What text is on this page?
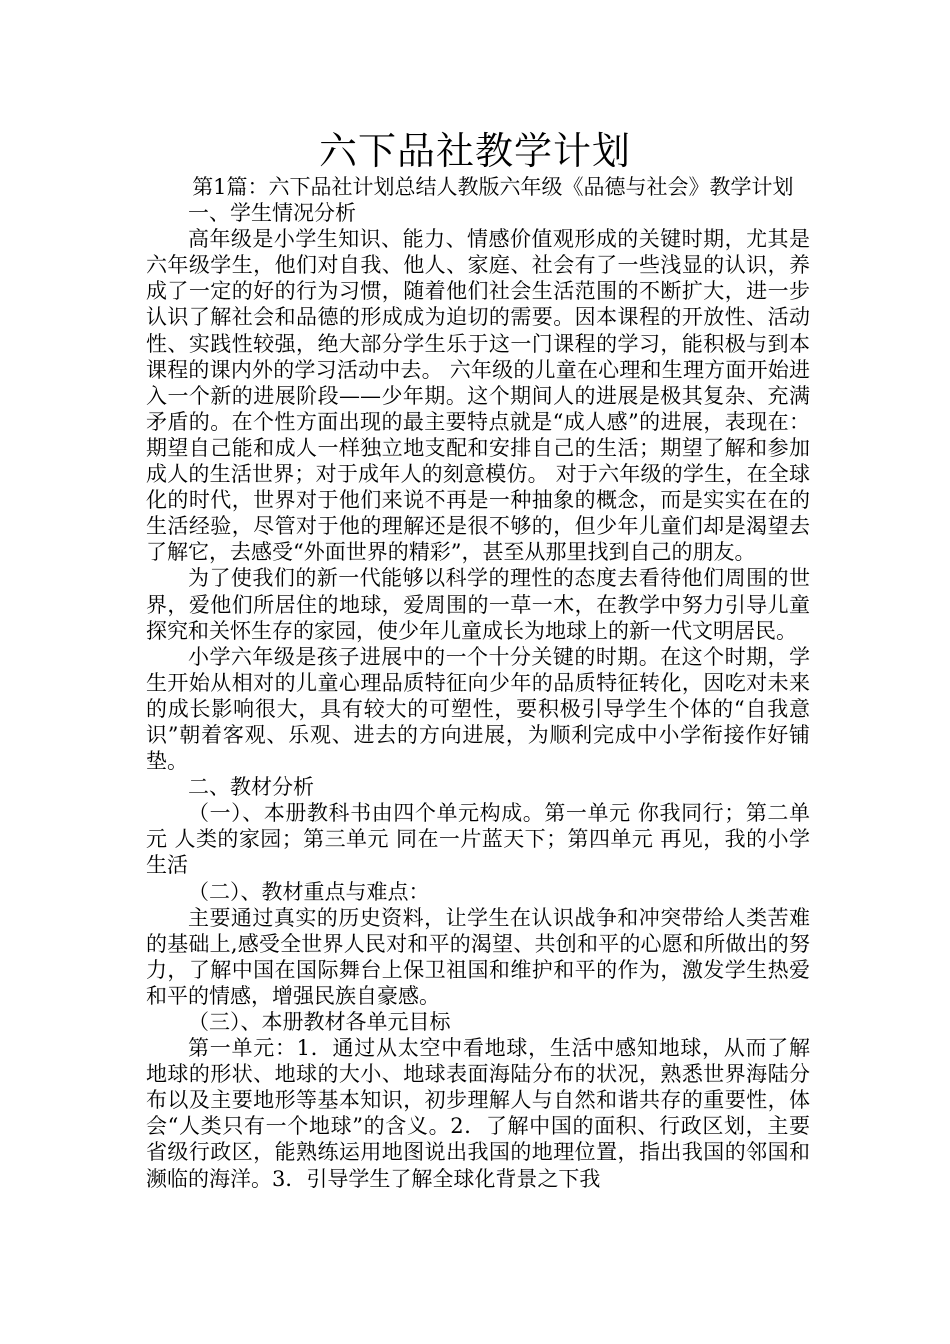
六下品社教学计划

第1篇：六下品社计划总结人教版六年级《品德与社会》教学计划

一、学生情况分析

高年级是小学生知识、能力、情感价值观形成的关键时期，尤其是六年级学生，他们对自我、他人、家庭、社会有了一些浅显的认识，养成了一定的好的行为习惯，随着他们社会生活范围的不断扩大，进一步认识了解社会和品德的形成成为迫切的需要。因本课程的开放性、活动性、实践性较强，绝大部分学生乐于这一门课程的学习，能积极与到本课程的课内外的学习活动中去。 六年级的儿童在心理和生理方面开始进入一个新的进展阶段——少年期。这个期间人的进展是极其复杂、充满矛盾的。在个性方面出现的最主要特点就是“成人感”的进展，表现在：期望自己能和成人一样独立地支配和安排自己的生活；期望了解和参加成人的生活世界；对于成年人的刻意模仿。 对于六年级的学生，在全球化的时代，世界对于他们来说不再是一种抽象的概念，而是实实在在的生活经验，尽管对于他的理解还是很不够的，但少年儿童们却是渴望去了解它，去感受“外面世界的精彩”，甚至从那里找到自己的朋友。

为了使我们的新一代能够以科学的理性的态度去看待他们周围的世界，爱他们所居住的地球，爱周围的一草一木，在教学中努力引导儿童探究和关怀生存的家园，使少年儿童成长为地球上的新一代文明居民。

小学六年级是孩子进展中的一个十分关键的时期。在这个时期，学生开始从相对的儿童心理品质特征向少年的品质特征转化，因吃对未来的成长影响很大，具有较大的可塑性，要积极引导学生个体的“自我意识”朝着客观、乐观、进去的方向进展，为顺利完成中小学衔接作好铺垫。

二、教材分析

（一）、本册教科书由四个单元构成。第一单元 你我同行；第二单元 人类的家园；第三单元 同在一片蓝天下；第四单元 再见，我的小学生活

（二）、教材重点与难点：

主要通过真实的历史资料，让学生在认识战争和冲突带给人类苦难的基础上,感受全世界人民对和平的渴望、共创和平的心愿和所做出的努力，了解中国在国际舞台上保卫祖国和维护和平的作为，激发学生热爱和平的情感，增强民族自豪感。

（三）、本册教材各单元目标

第一单元：1．通过从太空中看地球，生活中感知地球，从而了解地球的形状、地球的大小、地球表面海陆分布的状况，熟悉世界海陆分布以及主要地形等基本知识，初步理解人与自然和谐共存的重要性，体会“人类只有一个地球”的含义。2．了解中国的面积、行政区划，主要省级行政区，能熟练运用地图说出我国的地理位置，指出我国的邻国和濒临的海洋。3．引导学生了解全球化背景之下我
